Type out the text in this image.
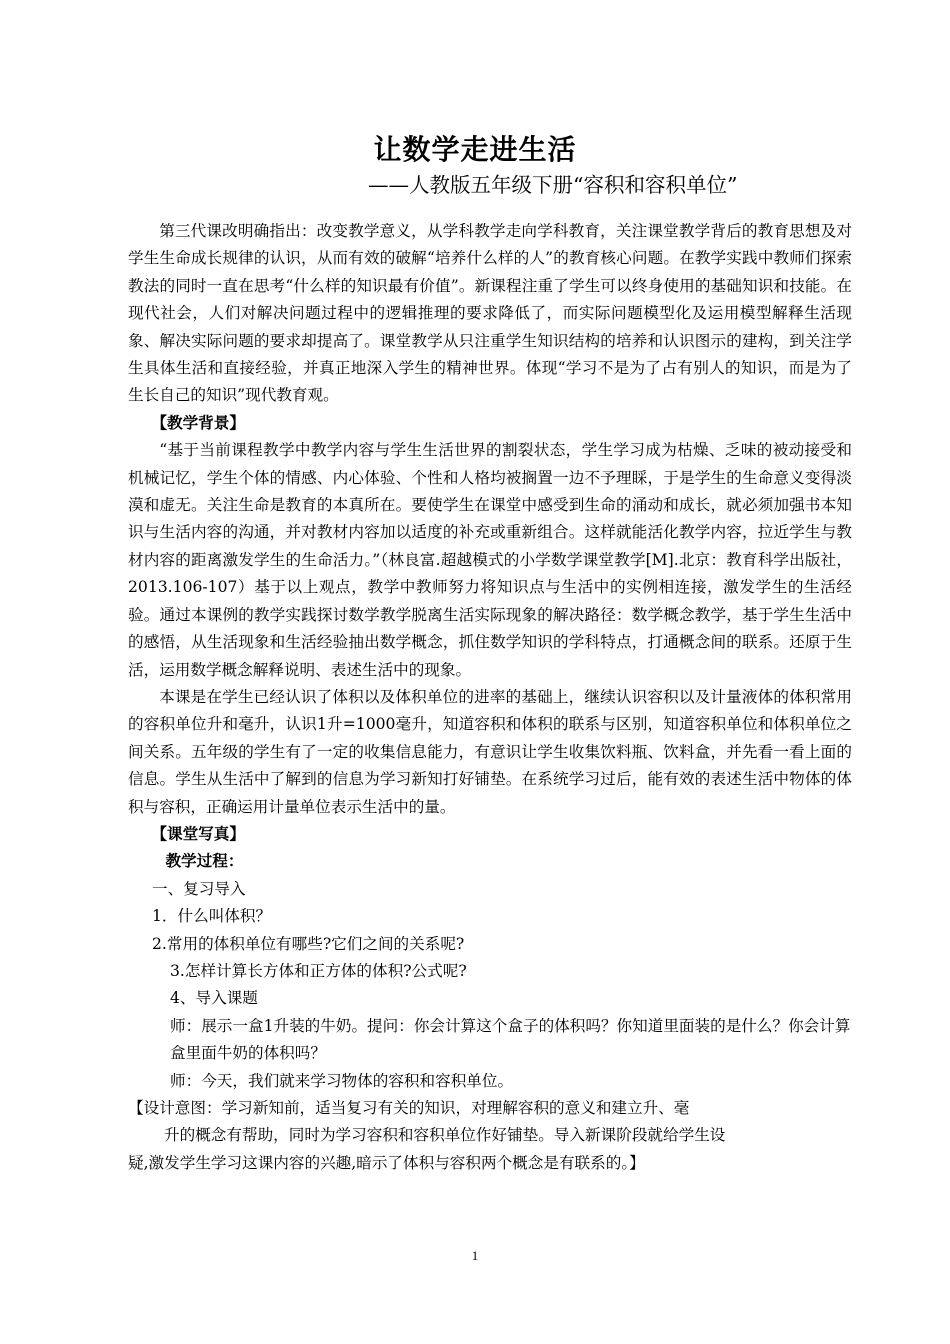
让数学走进生活
——人教版五年级下册“容积和容积单位”

第三代课改明确指出：改变教学意义，从学科教学走向学科教育，关注课堂教学背后的教育思想及对学生生命成长规律的认识，从而有效的破解“培养什么样的人”的教育核心问题。在教学实践中教师们探索教法的同时一直在思考“什么样的知识最有价值”。新课程注重了学生可以终身使用的基础知识和技能。在现代社会，人们对解决问题过程中的逻辑推理的要求降低了，而实际问题模型化及运用模型解释生活现象、解决实际问题的要求却提高了。课堂教学从只注重学生知识结构的培养和认识图示的建构，到关注学生具体生活和直接经验，并真正地深入学生的精神世界。体现“学习不是为了占有别人的知识，而是为了生长自己的知识”现代教育观。

【教学背景】

“基于当前课程教学中教学内容与学生生活世界的割裂状态，学生学习成为枯燥、乏味的被动接受和机械记忆，学生个体的情感、内心体验、个性和人格均被搁置一边不予理睬，于是学生的生命意义变得淡漠和虚无。关注生命是教育的本真所在。要使学生在课堂中感受到生命的涌动和成长，就必须加强书本知识与生活内容的沟通，并对教材内容加以适度的补充或重新组合。这样就能活化教学内容，拉近学生与教材内容的距离激发学生的生命活力。”（林良富.超越模式的小学数学课堂教学[M].北京：教育科学出版社，2013.106-107）基于以上观点，教学中教师努力将知识点与生活中的实例相连接，激发学生的生活经验。通过本课例的教学实践探讨数学教学脱离生活实际现象的解决路径：数学概念教学，基于学生生活中的感悟，从生活现象和生活经验抽出数学概念，抓住数学知识的学科特点，打通概念间的联系。还原于生活，运用数学概念解释说明、表述生活中的现象。

本课是在学生已经认识了体积以及体积单位的进率的基础上，继续认识容积以及计量液体的体积常用的容积单位升和毫升，认识1升=1000毫升，知道容积和体积的联系与区别，知道容积单位和体积单位之间关系。五年级的学生有了一定的收集信息能力，有意识让学生收集饮料瓶、饮料盒，并先看一看上面的信息。学生从生活中了解到的信息为学习新知打好铺垫。在系统学习过后，能有效的表述生活中物体的体积与容积，正确运用计量单位表示生活中的量。

【课堂写真】

教学过程：

一、复习导入

1．什么叫体积？

2.常用的体积单位有哪些?它们之间的关系呢?

3.怎样计算长方体和正方体的体积?公式呢?

4、导入课题

师：展示一盒1升装的牛奶。提问：你会计算这个盒子的体积吗？你知道里面装的是什么？你会计算盒里面牛奶的体积吗？

师：今天，我们就来学习物体的容积和容积单位。

【设计意图：学习新知前，适当复习有关的知识，对理解容积的意义和建立升、毫
升的概念有帮助，同时为学习容积和容积单位作好铺垫。导入新课阶段就给学生设
疑,激发学生学习这课内容的兴趣,暗示了体积与容积两个概念是有联系的。】

1
